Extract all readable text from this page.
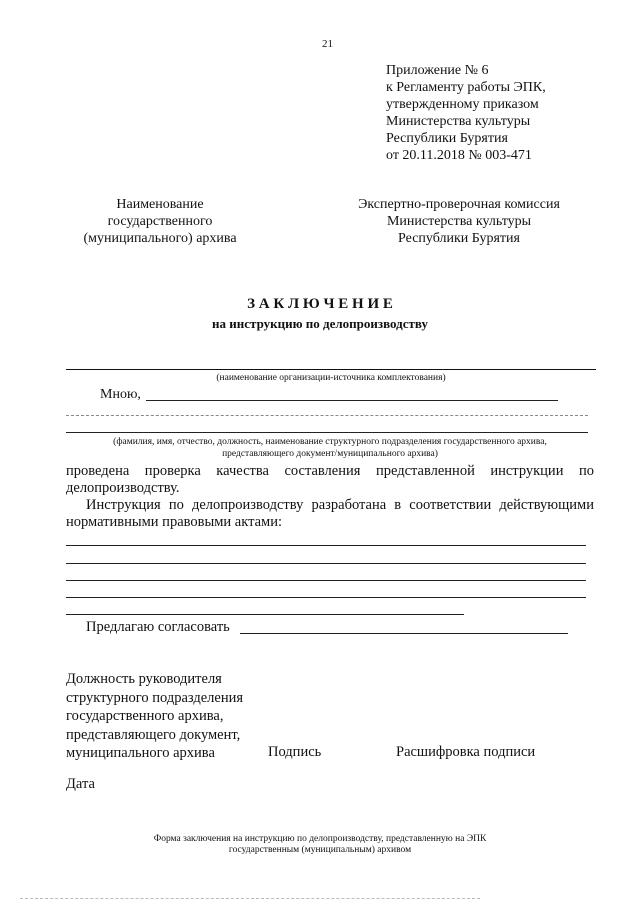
21
Приложение № 6
к Регламенту работы ЭПК,
утвержденному приказом
Министерства культуры
Республики Бурятия
от 20.11.2018 № 003-471
Наименование
государственного
(муниципального) архива
Экспертно-проверочная комиссия
Министерства культуры
Республики Бурятия
З А К Л Ю Ч Е Н И Е
на инструкцию по делопроизводству
(наименование организации-источника комплектования)
Мною,
(фамилия, имя, отчество, должность, наименование структурного подразделения государственного архива,
представляющего документ/муниципального архива)
проведена проверка качества составления представленной инструкции по делопроизводству.
Инструкция по делопроизводству разработана в соответствии действующими нормативными правовыми актами:
Предлагаю согласовать
Должность руководителя
структурного подразделения
государственного архива,
представляющего документ,
муниципального архива	Подпись	Расшифровка подписи
Дата
Форма заключения на инструкцию по делопроизводству, представленную на ЭПК
государственным (муниципальным) архивом
